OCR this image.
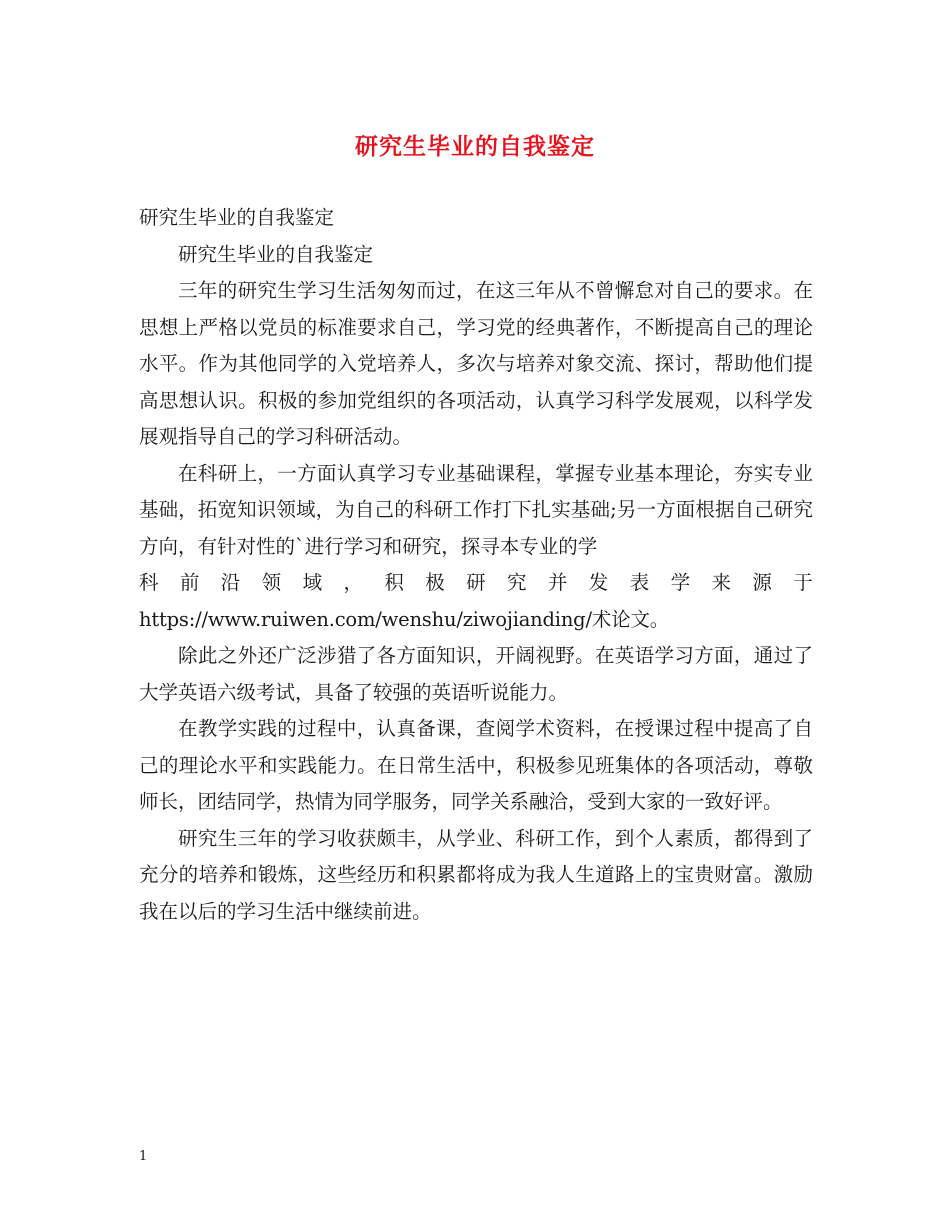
研究生毕业的自我鉴定

研究生毕业的自我鉴定

研究生毕业的自我鉴定

三年的研究生学习生活匆匆而过，在这三年从不曾懈怠对自己的要求。在思想上严格以党员的标准要求自己，学习党的经典著作，不断提高自己的理论水平。作为其他同学的入党培养人，多次与培养对象交流、探讨，帮助他们提高思想认识。积极的参加党组织的各项活动，认真学习科学发展观，以科学发展观指导自己的学习科研活动。

在科研上，一方面认真学习专业基础课程，掌握专业基本理论，夯实专业基础，拓宽知识领域，为自己的科研工作打下扎实基础;另一方面根据自己研究方向，有针对性的`进行学习和研究，探寻本专业的学

科 前 沿 领 域 ， 积 极 研 究 并 发 表 学 来 源 于

https://www.ruiwen.com/wenshu/ziwojianding/术论文。

除此之外还广泛涉猎了各方面知识，开阔视野。在英语学习方面，通过了大学英语六级考试，具备了较强的英语听说能力。

在教学实践的过程中，认真备课，查阅学术资料，在授课过程中提高了自己的理论水平和实践能力。在日常生活中，积极参见班集体的各项活动，尊敬师长，团结同学，热情为同学服务，同学关系融洽，受到大家的一致好评。

研究生三年的学习收获颇丰，从学业、科研工作，到个人素质，都得到了充分的培养和锻炼，这些经历和积累都将成为我人生道路上的宝贵财富。激励我在以后的学习生活中继续前进。

1
